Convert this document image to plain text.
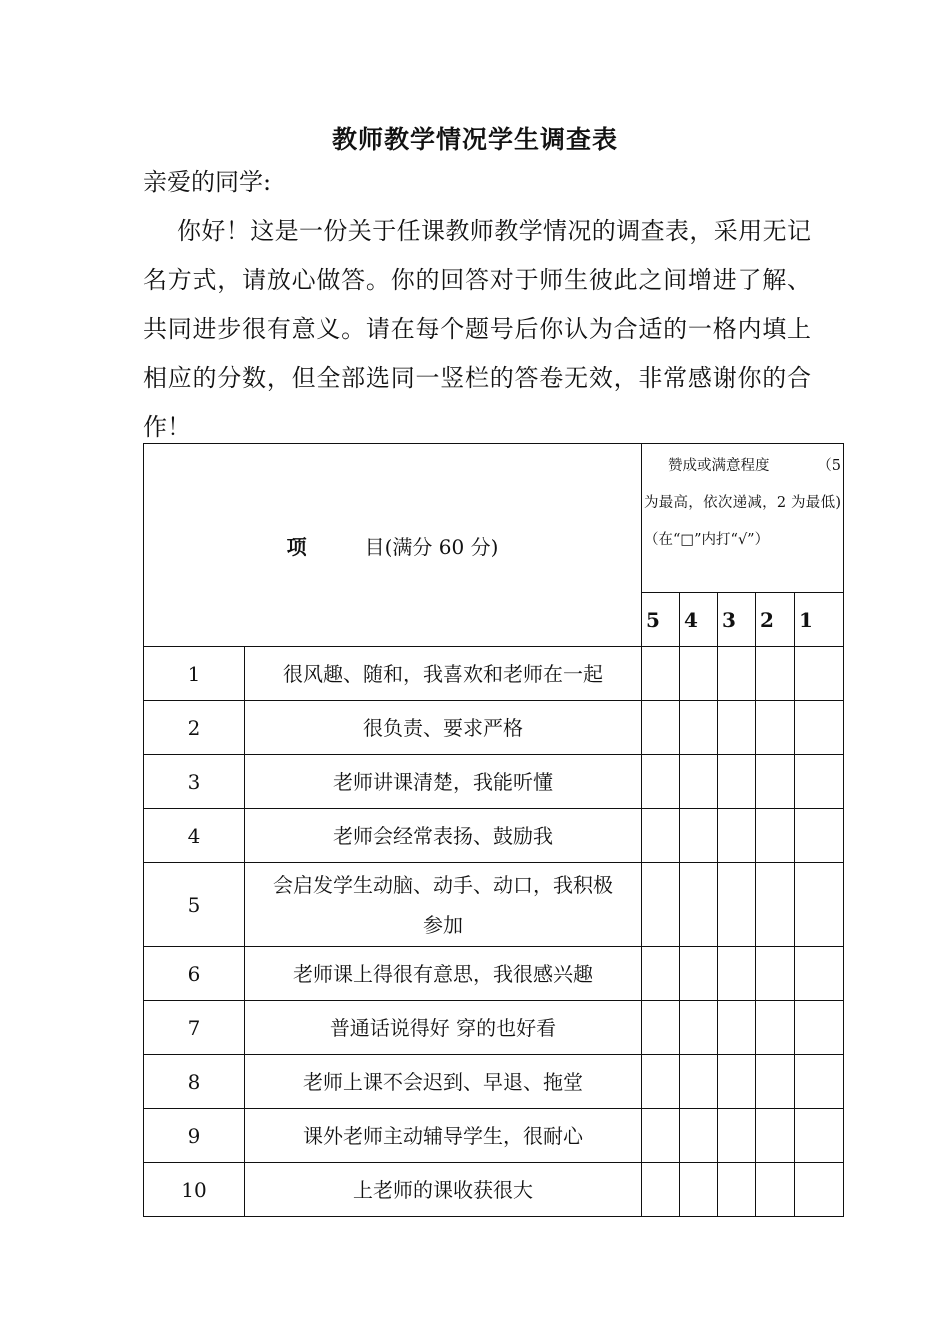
教师教学情况学生调查表
亲爱的同学:

你好！这是一份关于任课教师教学情况的调查表，采用无记名方式，请放心做答。你的回答对于师生彼此之间增进了解、共同进步很有意义。请在每个题号后你认为合适的一格内填上相应的分数，但全部选同一竖栏的答卷无效，非常感谢你的合作！

项 目(满分 60 分)		赞成或满意程度 （5
为最高，依次递减，2 为最低)（在“□”内打“√”）				

		5	4	3	2	1
1	很风趣、随和，我喜欢和老师在一起					
2	很负责、要求严格					
3	老师讲课清楚，我能听懂					
4	老师会经常表扬、鼓励我					
5	会启发学生动脑、动手、动口，我积极参加					
6	老师课上得很有意思，我很感兴趣					
7	普通话说得好 穿的也好看					
8	老师上课不会迟到、早退、拖堂					
9	课外老师主动辅导学生，很耐心					
10	上老师的课收获很大					
